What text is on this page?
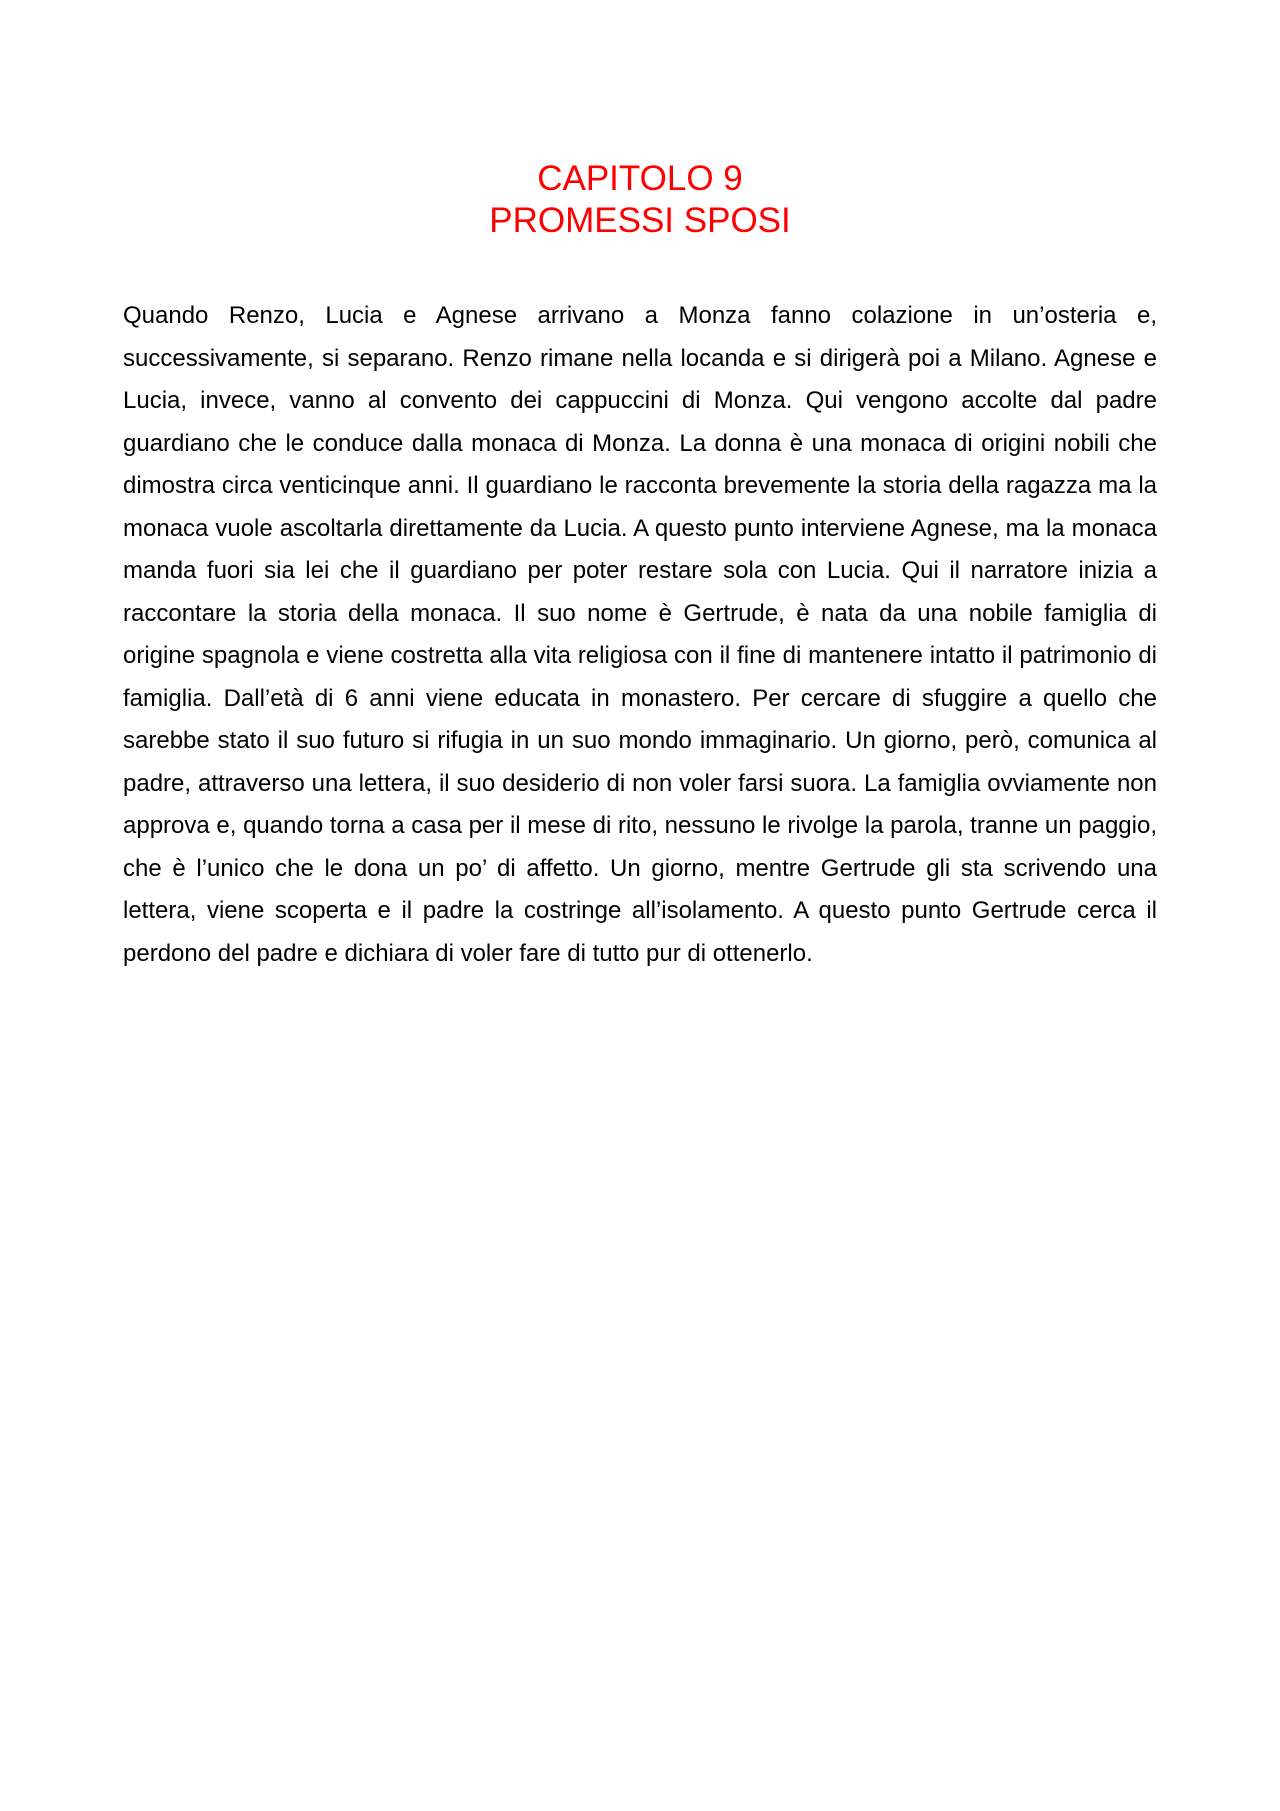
CAPITOLO 9
PROMESSI SPOSI

Quando Renzo, Lucia e Agnese arrivano a Monza fanno colazione in un’osteria e, successivamente, si separano. Renzo rimane nella locanda e si dirigerà poi a Milano. Agnese e Lucia, invece, vanno al convento dei cappuccini di Monza. Qui vengono accolte dal padre guardiano che le conduce dalla monaca di Monza. La donna è una monaca di origini nobili che dimostra circa venticinque anni. Il guardiano le racconta brevemente la storia della ragazza ma la monaca vuole ascoltarla direttamente da Lucia. A questo punto interviene Agnese, ma la monaca manda fuori sia lei che il guardiano per poter restare sola con Lucia. Qui il narratore inizia a raccontare la storia della monaca. Il suo nome è Gertrude, è nata da una nobile famiglia di origine spagnola e viene costretta alla vita religiosa con il fine di mantenere intatto il patrimonio di famiglia. Dall’età di 6 anni viene educata in monastero. Per cercare di sfuggire a quello che sarebbe stato il suo futuro si rifugia in un suo mondo immaginario. Un giorno, però, comunica al padre, attraverso una lettera, il suo desiderio di non voler farsi suora. La famiglia ovviamente non approva e, quando torna a casa per il mese di rito, nessuno le rivolge la parola, tranne un paggio, che è l’unico che le dona un po’ di affetto. Un giorno, mentre Gertrude gli sta scrivendo una lettera, viene scoperta e il padre la costringe all’isolamento. A questo punto Gertrude cerca il perdono del padre e dichiara di voler fare di tutto pur di ottenerlo.
